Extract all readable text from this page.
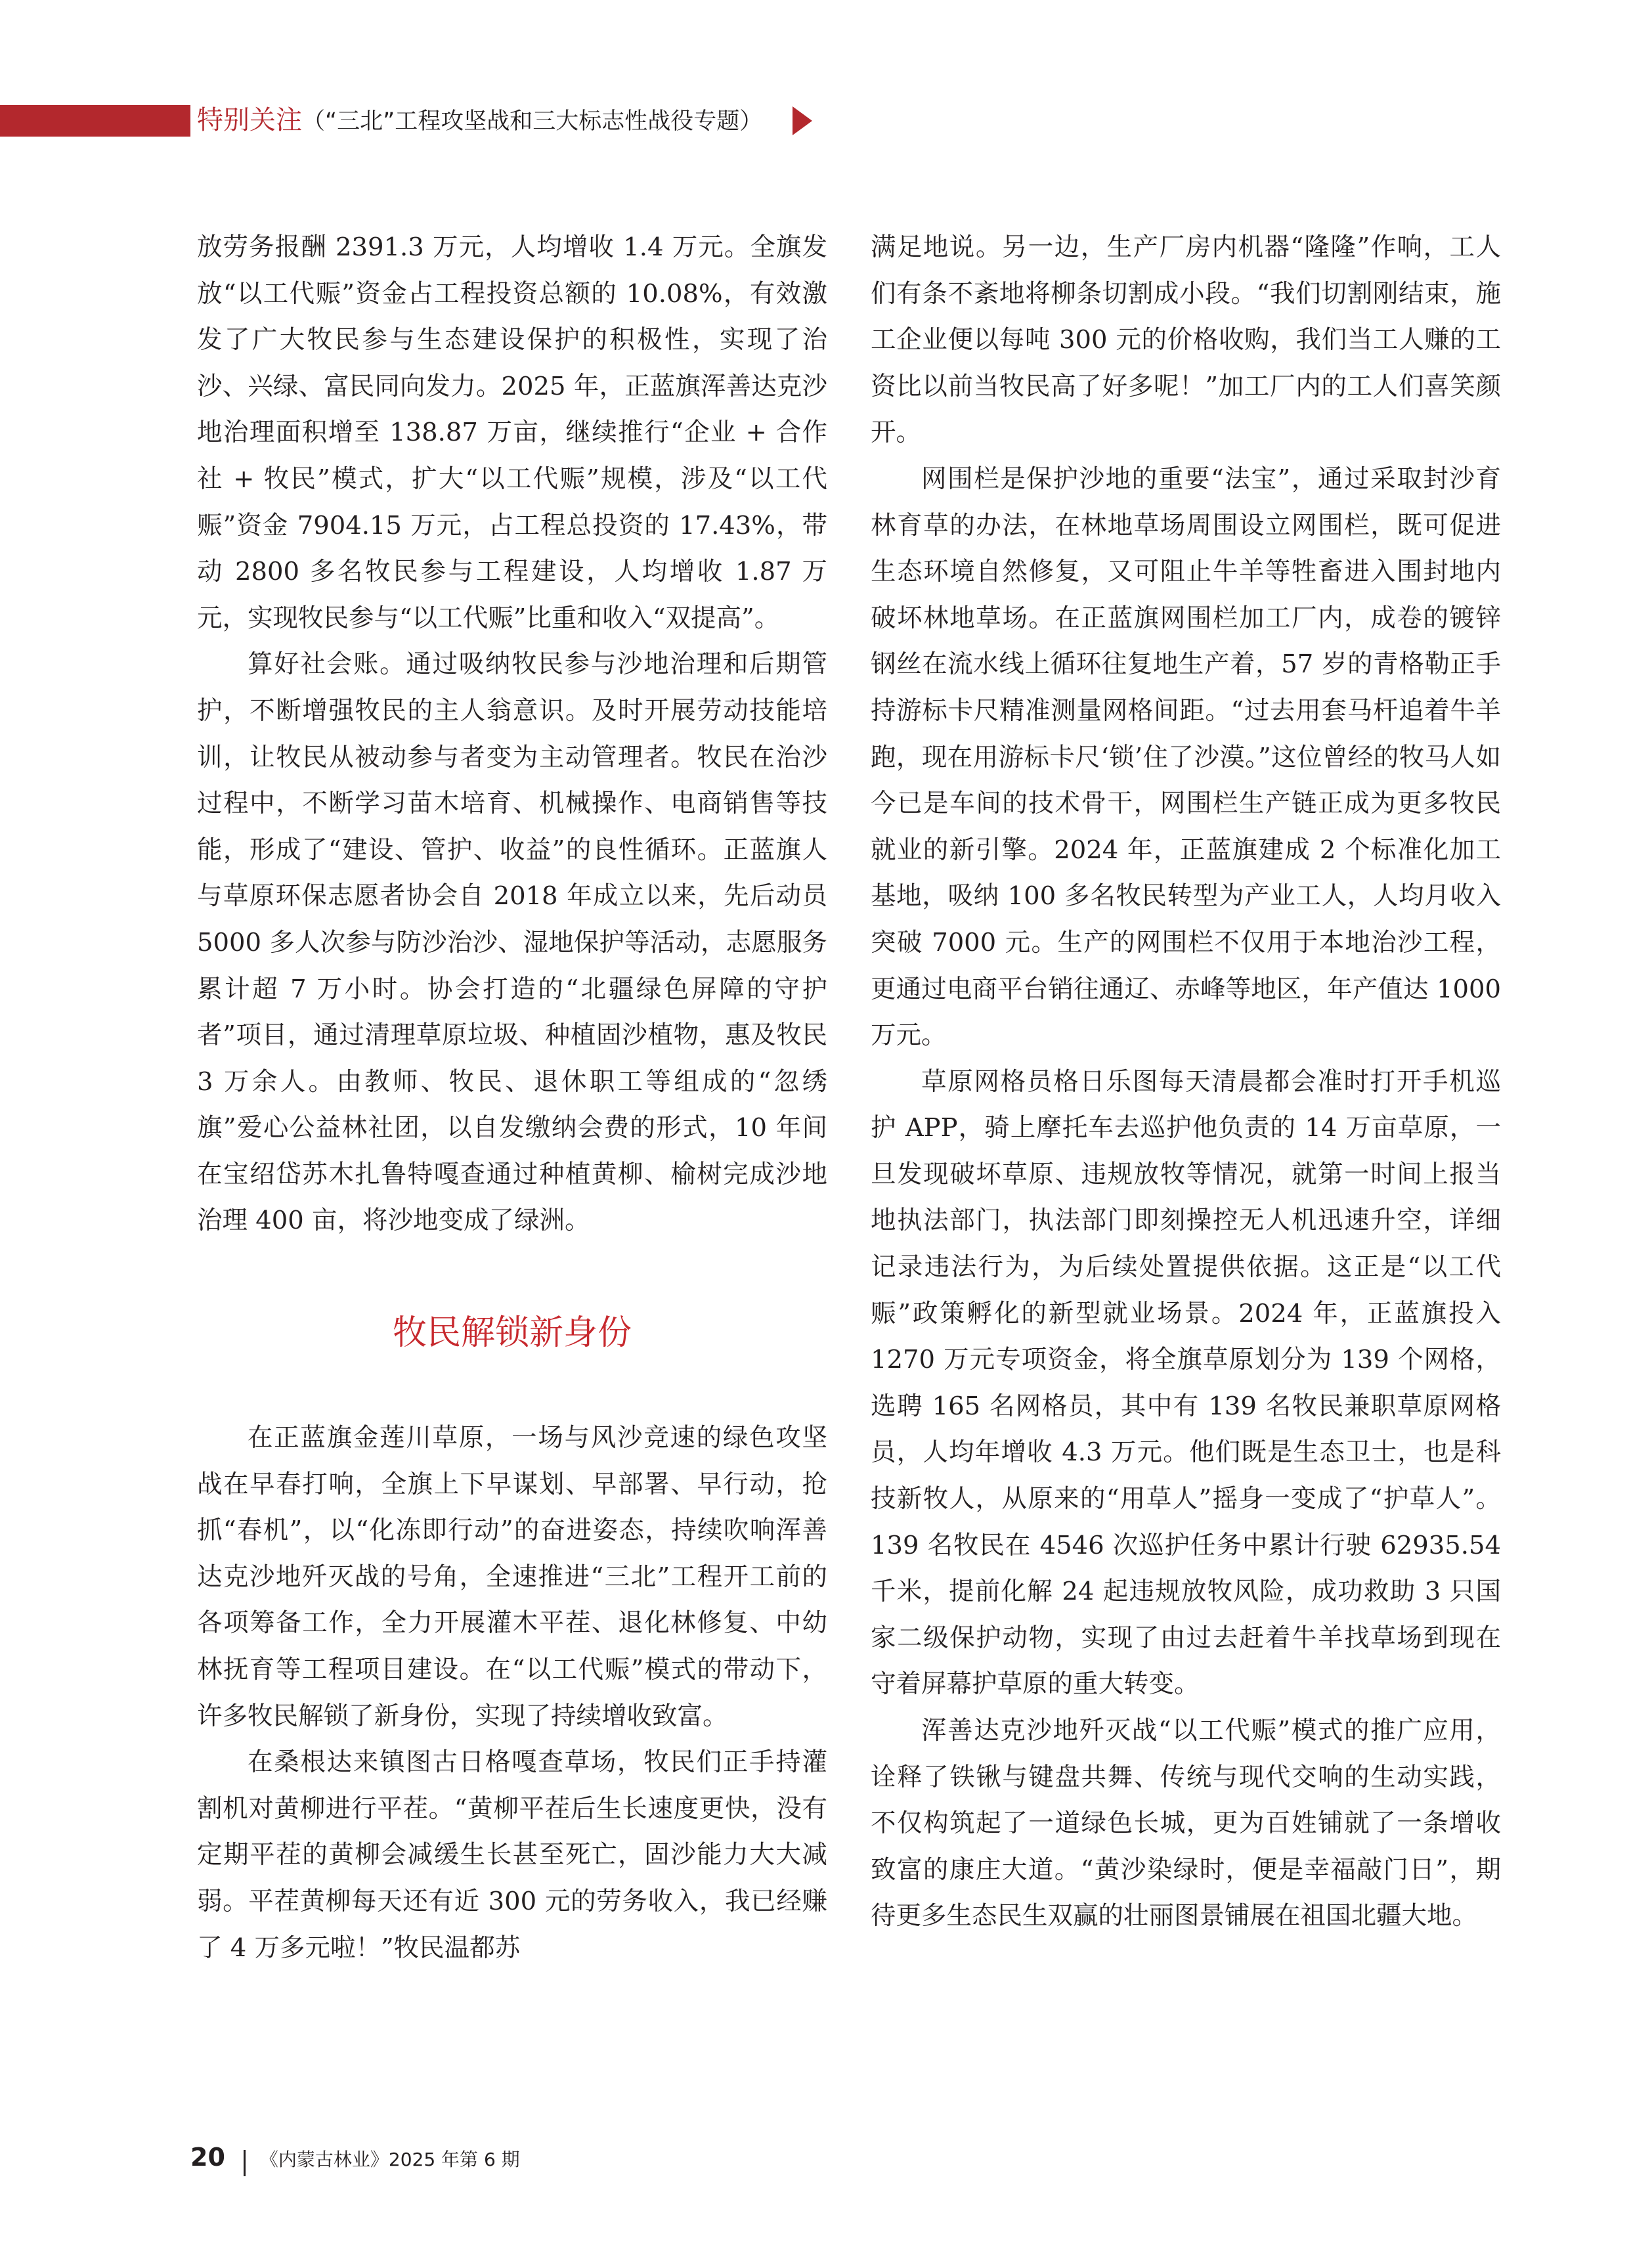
特别关注（“三北”工程攻坚战和三大标志性战役专题）

放劳务报酬 2391.3 万元，人均增收 1.4 万元。全旗发放“以工代赈”资金占工程投资总额的 10.08%，有效激发了广大牧民参与生态建设保护的积极性，实现了治沙、兴绿、富民同向发力。2025 年，正蓝旗浑善达克沙地治理面积增至 138.87 万亩，继续推行“企业 + 合作社 + 牧民”模式，扩大“以工代赈”规模，涉及“以工代赈”资金 7904.15 万元，占工程总投资的 17.43%，带动 2800 多名牧民参与工程建设，人均增收 1.87 万元，实现牧民参与“以工代赈”比重和收入“双提高”。

算好社会账。通过吸纳牧民参与沙地治理和后期管护，不断增强牧民的主人翁意识。及时开展劳动技能培训，让牧民从被动参与者变为主动管理者。牧民在治沙过程中，不断学习苗木培育、机械操作、电商销售等技能，形成了“建设、管护、收益”的良性循环。正蓝旗人与草原环保志愿者协会自 2018 年成立以来，先后动员 5000 多人次参与防沙治沙、湿地保护等活动，志愿服务累计超 7 万小时。协会打造的“北疆绿色屏障的守护者”项目，通过清理草原垃圾、种植固沙植物，惠及牧民 3 万余人。由教师、牧民、退休职工等组成的“忽绣旗”爱心公益林社团，以自发缴纳会费的形式，10 年间在宝绍岱苏木扎鲁特嘎查通过种植黄柳、榆树完成沙地治理 400 亩，将沙地变成了绿洲。

牧民解锁新身份

在正蓝旗金莲川草原，一场与风沙竞速的绿色攻坚战在早春打响，全旗上下早谋划、早部署、早行动，抢抓“春机”，以“化冻即行动”的奋进姿态，持续吹响浑善达克沙地歼灭战的号角，全速推进“三北”工程开工前的各项筹备工作，全力开展灌木平茬、退化林修复、中幼林抚育等工程项目建设。在“以工代赈”模式的带动下，许多牧民解锁了新身份，实现了持续增收致富。

在桑根达来镇图古日格嘎查草场，牧民们正手持灌割机对黄柳进行平茬。“黄柳平茬后生长速度更快，没有定期平茬的黄柳会减缓生长甚至死亡，固沙能力大大减弱。平茬黄柳每天还有近 300 元的劳务收入，我已经赚了 4 万多元啦！”牧民温都苏

满足地说。另一边，生产厂房内机器“隆隆”作响，工人们有条不紊地将柳条切割成小段。“我们切割刚结束，施工企业便以每吨 300 元的价格收购，我们当工人赚的工资比以前当牧民高了好多呢！”加工厂内的工人们喜笑颜开。

网围栏是保护沙地的重要“法宝”，通过采取封沙育林育草的办法，在林地草场周围设立网围栏，既可促进生态环境自然修复，又可阻止牛羊等牲畜进入围封地内破坏林地草场。在正蓝旗网围栏加工厂内，成卷的镀锌钢丝在流水线上循环往复地生产着，57 岁的青格勒正手持游标卡尺精准测量网格间距。“过去用套马杆追着牛羊跑，现在用游标卡尺‘锁’住了沙漠。”这位曾经的牧马人如今已是车间的技术骨干，网围栏生产链正成为更多牧民就业的新引擎。2024 年，正蓝旗建成 2 个标准化加工基地，吸纳 100 多名牧民转型为产业工人，人均月收入突破 7000 元。生产的网围栏不仅用于本地治沙工程，更通过电商平台销往通辽、赤峰等地区，年产值达 1000 万元。

草原网格员格日乐图每天清晨都会准时打开手机巡护 APP，骑上摩托车去巡护他负责的 14 万亩草原，一旦发现破坏草原、违规放牧等情况，就第一时间上报当地执法部门，执法部门即刻操控无人机迅速升空，详细记录违法行为，为后续处置提供依据。这正是“以工代赈”政策孵化的新型就业场景。2024 年，正蓝旗投入 1270 万元专项资金，将全旗草原划分为 139 个网格，选聘 165 名网格员，其中有 139 名牧民兼职草原网格员，人均年增收 4.3 万元。他们既是生态卫士，也是科技新牧人，从原来的“用草人”摇身一变成了“护草人”。139 名牧民在 4546 次巡护任务中累计行驶 62935.54 千米，提前化解 24 起违规放牧风险，成功救助 3 只国家二级保护动物，实现了由过去赶着牛羊找草场到现在守着屏幕护草原的重大转变。

浑善达克沙地歼灭战“以工代赈”模式的推广应用，诠释了铁锹与键盘共舞、传统与现代交响的生动实践，不仅构筑起了一道绿色长城，更为百姓铺就了一条增收致富的康庄大道。“黄沙染绿时，便是幸福敲门日”，期待更多生态民生双赢的壮丽图景铺展在祖国北疆大地。

20 《内蒙古林业》2025 年第 6 期
